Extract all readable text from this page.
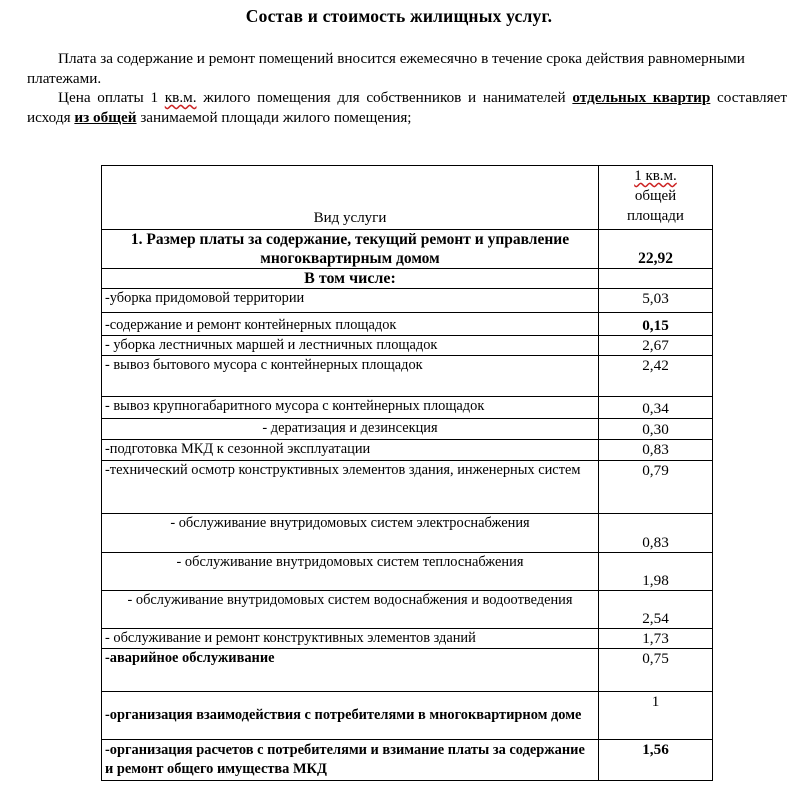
Состав и стоимость жилищных услуг.

Плата за содержание и ремонт помещений вносится ежемесячно в течение срока действия равномерными платежами.

Цена оплаты 1 кв.м. жилого помещения для собственников и нанимателей отдельных квартир составляет исходя из общей занимаемой площади жилого помещения;

Вид услуги	1 кв.м.
общей
площади
1. Размер платы за содержание, текущий ремонт и управление многоквартирным домом	22,92
В том числе:	
-уборка придомовой территории	5,03
-содержание и ремонт контейнерных площадок	0,15
- уборка лестничных маршей и лестничных площадок	2,67
- вывоз бытового мусора с контейнерных площадок	2,42
- вывоз крупногабаритного мусора с контейнерных площадок	0,34
- дератизация и дезинсекция	0,30
-подготовка МКД к сезонной эксплуатации	0,83
-технический осмотр конструктивных элементов здания, инженерных систем	0,79
- обслуживание внутридомовых систем электроснабжения	0,83
- обслуживание внутридомовых систем теплоснабжения	1,98
- обслуживание внутридомовых систем водоснабжения и водоотведения	2,54
- обслуживание и ремонт конструктивных элементов зданий	1,73
-аварийное обслуживание	0,75
-организация взаимодействия с потребителями в многоквартирном доме	1
-организация расчетов с потребителями и взимание платы за содержание и ремонт общего имущества МКД	1,56
